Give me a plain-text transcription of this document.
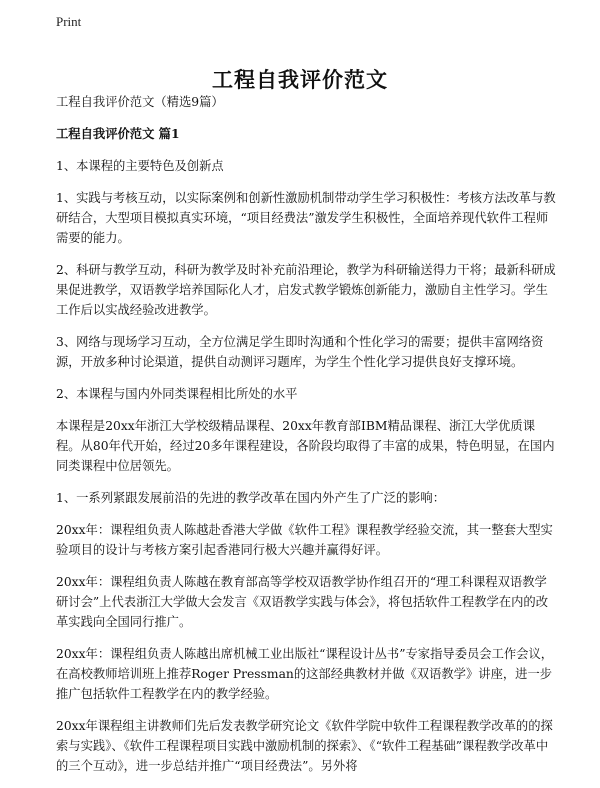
Print
工程自我评价范文

工程自我评价范文（精选9篇）

工程自我评价范文 篇1

1、本课程的主要特色及创新点

1、实践与考核互动，以实际案例和创新性激励机制带动学生学习积极性：考核方法改革与教研结合，大型项目模拟真实环境，“项目经费法”激发学生积极性，全面培养现代软件工程师需要的能力。

2、科研与教学互动，科研为教学及时补充前沿理论，教学为科研输送得力干将；最新科研成果促进教学，双语教学培养国际化人才，启发式教学锻炼创新能力，激励自主性学习。学生工作后以实战经验改进教学。

3、网络与现场学习互动，全方位满足学生即时沟通和个性化学习的需要；提供丰富网络资源，开放多种讨论渠道，提供自动测评习题库，为学生个性化学习提供良好支撑环境。

2、本课程与国内外同类课程相比所处的水平

本课程是20xx年浙江大学校级精品课程、20xx年教育部IBM精品课程、浙江大学优质课程。从80年代开始，经过20多年课程建设，各阶段均取得了丰富的成果，特色明显，在国内同类课程中位居领先。

1、一系列紧跟发展前沿的先进的教学改革在国内外产生了广泛的影响：

20xx年：课程组负责人陈越赴香港大学做《软件工程》课程教学经验交流，其一整套大型实验项目的设计与考核方案引起香港同行极大兴趣并赢得好评。

20xx年：课程组负责人陈越在教育部高等学校双语教学协作组召开的“理工科课程双语教学研讨会”上代表浙江大学做大会发言《双语教学实践与体会》，将包括软件工程教学在内的改革实践向全国同行推广。

20xx年：课程组负责人陈越出席机械工业出版社“课程设计丛书”专家指导委员会工作会议，在高校教师培训班上推荐Roger Pressman的这部经典教材并做《双语教学》讲座，进一步推广包括软件工程教学在内的教学经验。

20xx年课程组主讲教师们先后发表教学研究论文《软件学院中软件工程课程教学改革的的探索与实践》、《软件工程课程项目实践中激励机制的探索》、《“软件工程基础”课程教学改革中的三个互动》，进一步总结并推广“项目经费法”。另外将
